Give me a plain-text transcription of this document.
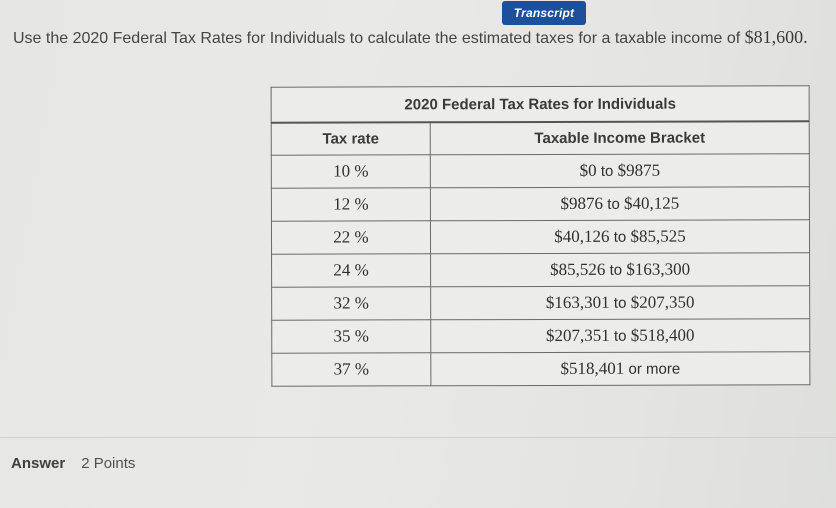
Transcript
Use the 2020 Federal Tax Rates for Individuals to calculate the estimated taxes for a taxable income of $81,600.
2020 Federal Tax Rates for Individuals	
Tax rate	Taxable Income Bracket
10 %	$0 to $9875
12 %	$9876 to $40,125
22 %	$40,126 to $85,525
24 %	$85,526 to $163,300
32 %	$163,301 to $207,350
35 %	$207,351 to $518,400
37 %	$518,401 or more
Answer 2 Points
